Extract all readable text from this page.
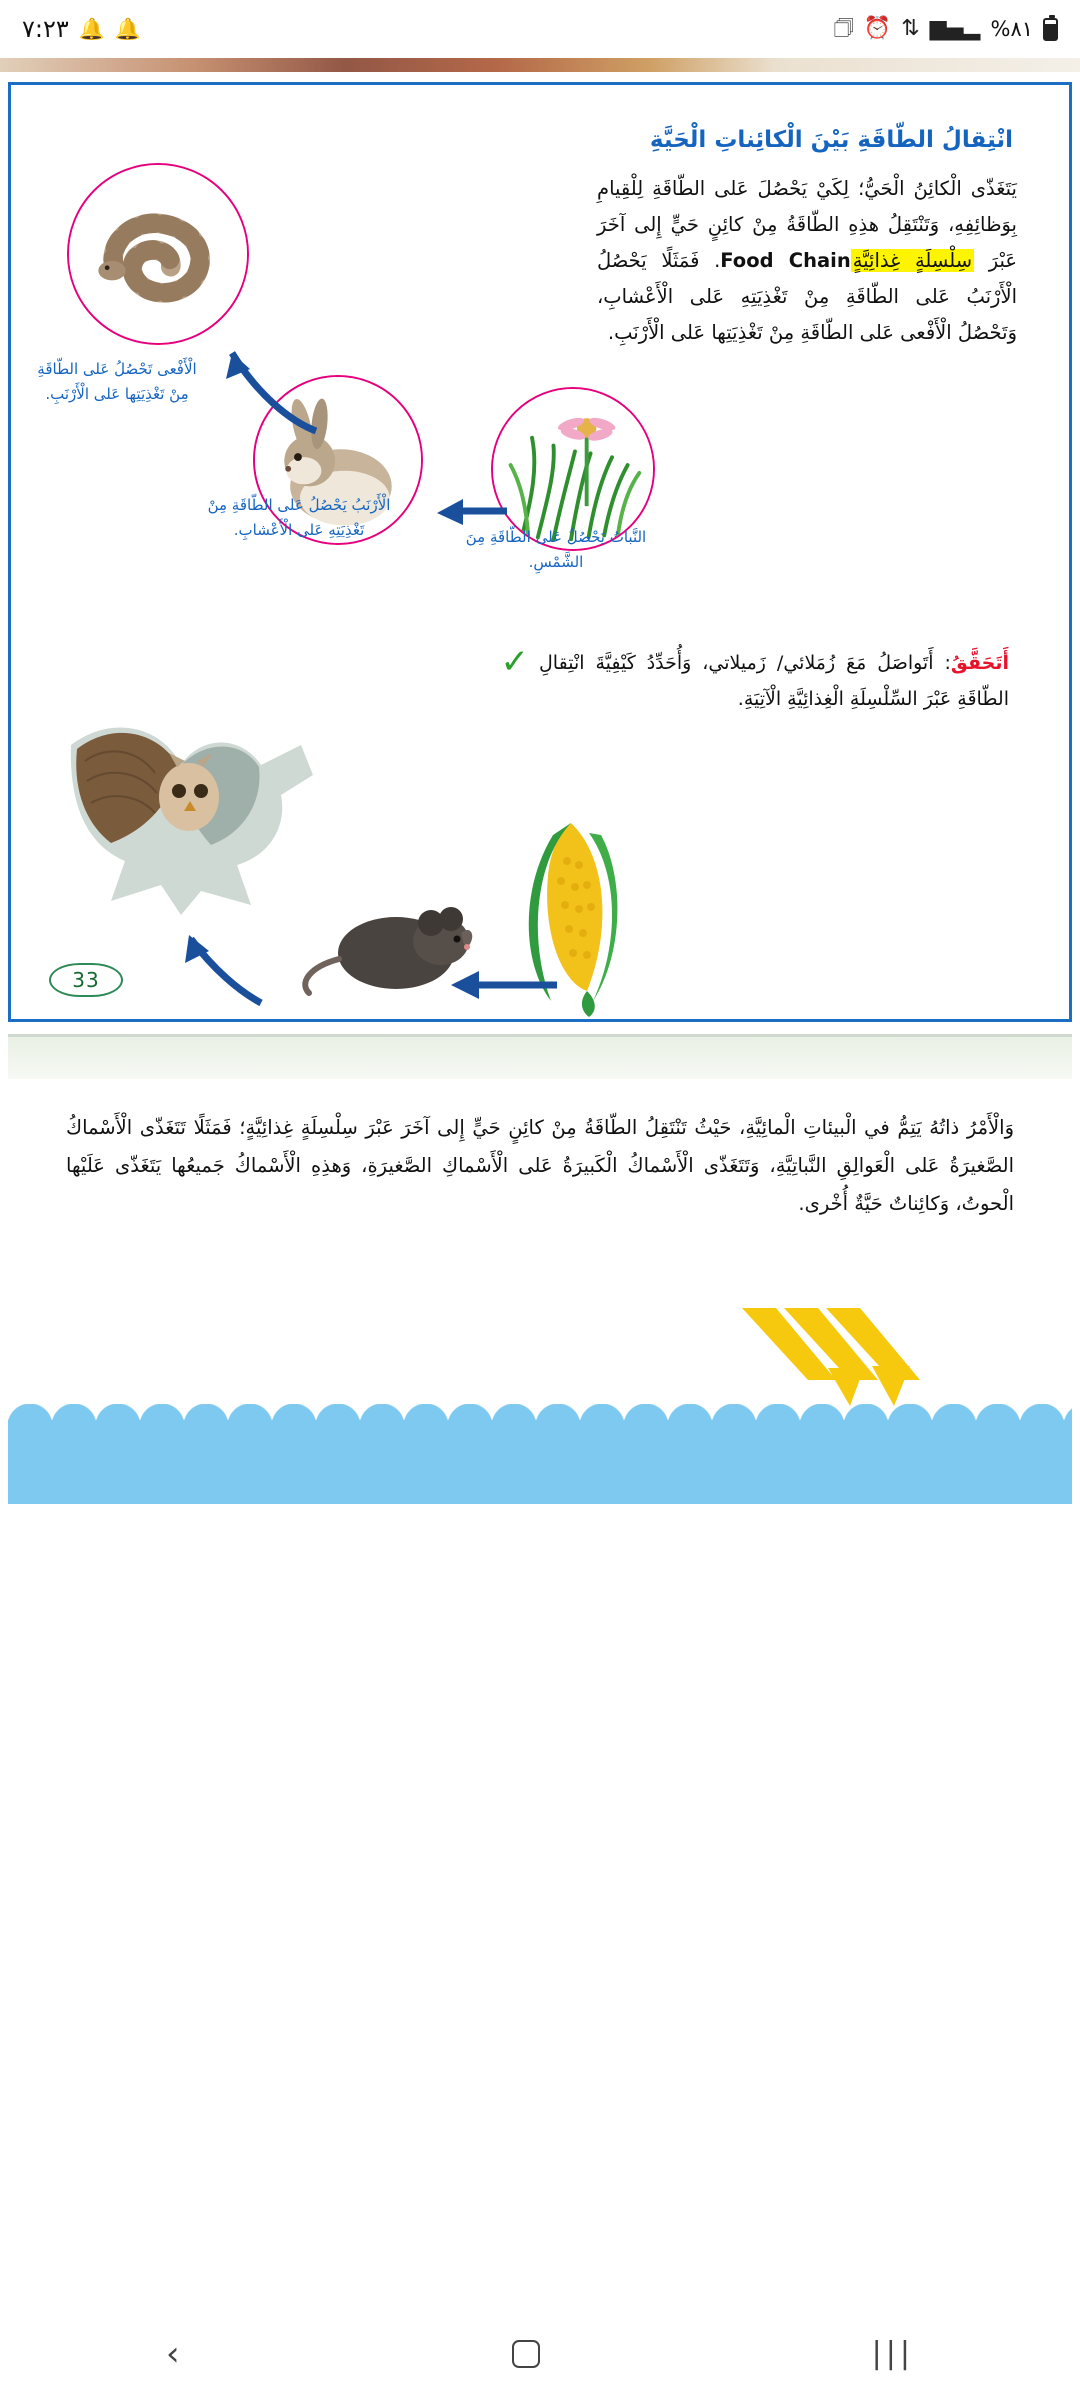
٨١%
▂▄▆
⇅
⏰
🗇
🔔
🔔
٧:٢٣
انْتِقالُ الطّاقَةِ بَيْنَ الْكائِناتِ الْحَيَّةِ
يَتَغَذّى الْكائِنُ الْحَيُّ؛ لِكَيْ يَحْصُلَ عَلى الطّاقَةِ لِلْقِيامِ بِوَظائِفِهِ، وَتَنْتَقِلُ هذِهِ الطّاقَةُ مِنْ كائِنٍ حَيٍّ إِلى آخَرَ عَبْرَ سِلْسِلَةٍ غِذائِيَّةٍFood Chain. فَمَثَلًا يَحْصُلُ الْأَرْنَبُ عَلى الطّاقَةِ مِنْ تَغْذِيَتِهِ عَلى الْأَعْشابِ، وَتَحْصُلُ الْأَفْعى عَلى الطّاقَةِ مِنْ تَغْذِيَتِها عَلى الْأَرْنَبِ.
الْأَفْعى تَحْصُلُ عَلى الطّاقَةِ مِنْ تَغْذِيَتِها عَلى الْأَرْنَبِ.
الْأَرْنَبُ يَحْصُلُ عَلى الطّاقَةِ مِنْ تَغْذِيَتِهِ عَلى الْأَعْشابِ.	النَّباتُ يَحْصُلُ عَلى الطّاقَةِ مِنَ الشَّمْسِ.
✓	أَتَحَقَّقُ: أَتَواصَلُ مَعَ زُمَلائي/ زَميلاتي، وَأُحَدِّدُ كَيْفِيَّةَ انْتِقالِ الطّاقَةِ عَبْرَ السِّلْسِلَةِ الْغِذائِيَّةِ الْآتِيَةِ.
33
وَالْأَمْرُ ذاتُهُ يَتِمُّ في الْبيئاتِ الْمائِيَّةِ، حَيْثُ تَنْتَقِلُ الطّاقَةُ مِنْ كائِنٍ حَيٍّ إِلى آخَرَ عَبْرَ سِلْسِلَةٍ غِذائِيَّةٍ؛ فَمَثَلًا تَتَغَذّى الْأَسْماكُ الصَّغيرَةُ عَلى الْعَوالِقِ النَّباتِيَّةِ، وَتَتَغَذّى الْأَسْماكُ الْكَبيرَةُ عَلى الْأَسْماكِ الصَّغيرَةِ، وَهذِهِ الْأَسْماكُ جَميعُها يَتَغَذّى عَلَيْها الْحوتُ، وَكائِناتٌ حَيَّةٌ أُخْرى.
|||
›
